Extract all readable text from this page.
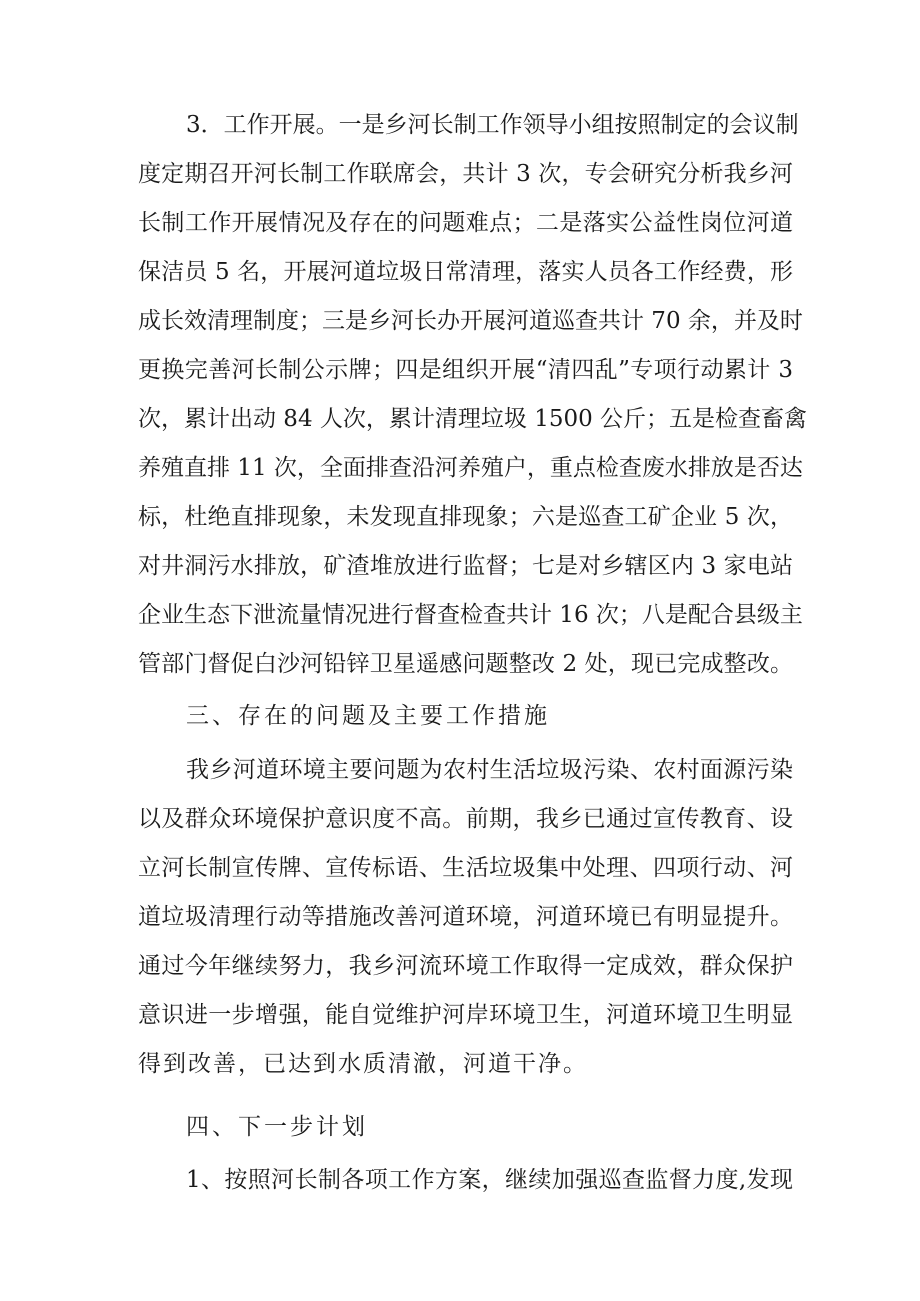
3．工作开展。一是乡河长制工作领导小组按照制定的会议制
度定期召开河长制工作联席会，共计 3 次，专会研究分析我乡河
长制工作开展情况及存在的问题难点；二是落实公益性岗位河道
保洁员 5 名，开展河道垃圾日常清理，落实人员各工作经费，形
成长效清理制度；三是乡河长办开展河道巡查共计 70 余，并及时
更换完善河长制公示牌；四是组织开展“清四乱”专项行动累计 3
次，累计出动 84 人次，累计清理垃圾 1500 公斤；五是检查畜禽
养殖直排 11 次，全面排查沿河养殖户，重点检查废水排放是否达
标，杜绝直排现象，未发现直排现象；六是巡查工矿企业 5 次，
对井洞污水排放，矿渣堆放进行监督；七是对乡辖区内 3 家电站
企业生态下泄流量情况进行督查检查共计 16 次；八是配合县级主
管部门督促白沙河铅锌卫星遥感问题整改 2 处，现已完成整改。
三、存在的问题及主要工作措施
我乡河道环境主要问题为农村生活垃圾污染、农村面源污染
以及群众环境保护意识度不高。前期，我乡已通过宣传教育、设
立河长制宣传牌、宣传标语、生活垃圾集中处理、四项行动、河
道垃圾清理行动等措施改善河道环境，河道环境已有明显提升。
通过今年继续努力，我乡河流环境工作取得一定成效，群众保护
意识进一步增强，能自觉维护河岸环境卫生，河道环境卫生明显
得到改善，已达到水质清澈，河道干净。
四、下一步计划
1、按照河长制各项工作方案，继续加强巡查监督力度,发现
